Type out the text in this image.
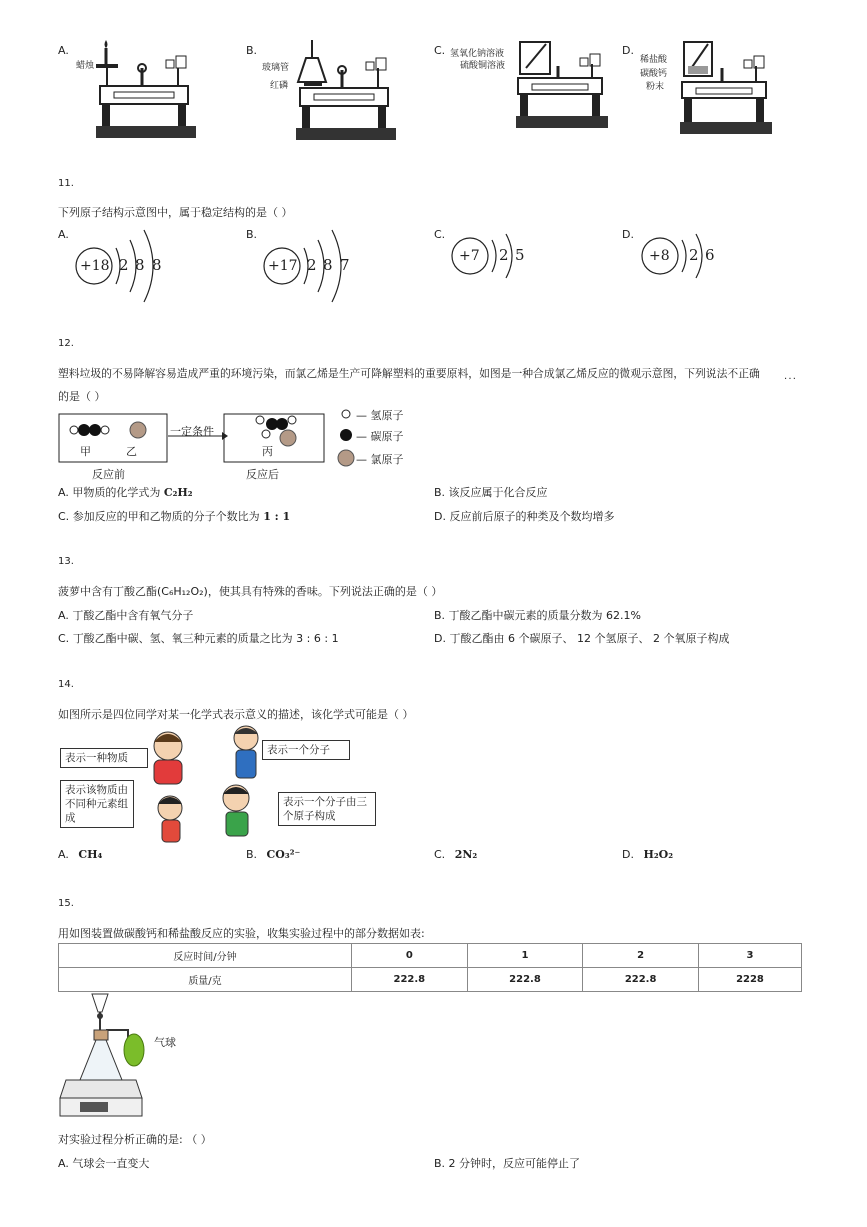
A.
蜡烛
B.
玻璃管
红磷
C. 氢氧化钠溶液
硫酸铜溶液
D.
稀盐酸
碳酸钙
粉末
11.
下列原子结构示意图中，属于稳定结构的是（ ）
A.
+18 2 8 8
B.
+17 2 8 7
C.
+7 2 5
D.
+8 2 6
12.
塑料垃圾的不易降解容易造成严重的环境污染，而氯乙烯是生产可降解塑料的重要原料，如图是一种合成氯乙烯反应的微观示意图，下列说法不正确 · · ·
的是（ ）
甲	乙
一定条件
丙
反应前	反应后
— 氢原子
— 碳原子
— 氯原子
A. 甲物质的化学式为 C₂H₂	B. 该反应属于化合反应
C. 参加反应的甲和乙物质的分子个数比为 1 : 1	D. 反应前后原子的种类及个数均增多
13.
菠萝中含有丁酸乙酯(C₆H₁₂O₂)，使其具有特殊的香味。下列说法正确的是（ ）
A. 丁酸乙酯中含有氧气分子	B. 丁酸乙酯中碳元素的质量分数为 62.1%
C. 丁酸乙酯中碳、氢、氧三种元素的质量之比为 3 : 6 : 1	D. 丁酸乙酯由 6 个碳原子、 12 个氢原子、 2 个氧原子构成
14.
如图所示是四位同学对某一化学式表示意义的描述，该化学式可能是（ ）
表示一种物质
表示一个分子
表示该物质由不同种元素组成
表示一个分子由三个原子构成
A. CH₄	B. CO₃²⁻	C. 2N₂	D. H₂O₂
15.
用如图装置做碳酸钙和稀盐酸反应的实验，收集实验过程中的部分数据如表:
反应时间/分钟	0	1	2	3
质量/克	222.8	222.8	222.8	2228
气球
对实验过程分析正确的是: （ ）
A. 气球会一直变大	B. 2 分钟时，反应可能停止了
